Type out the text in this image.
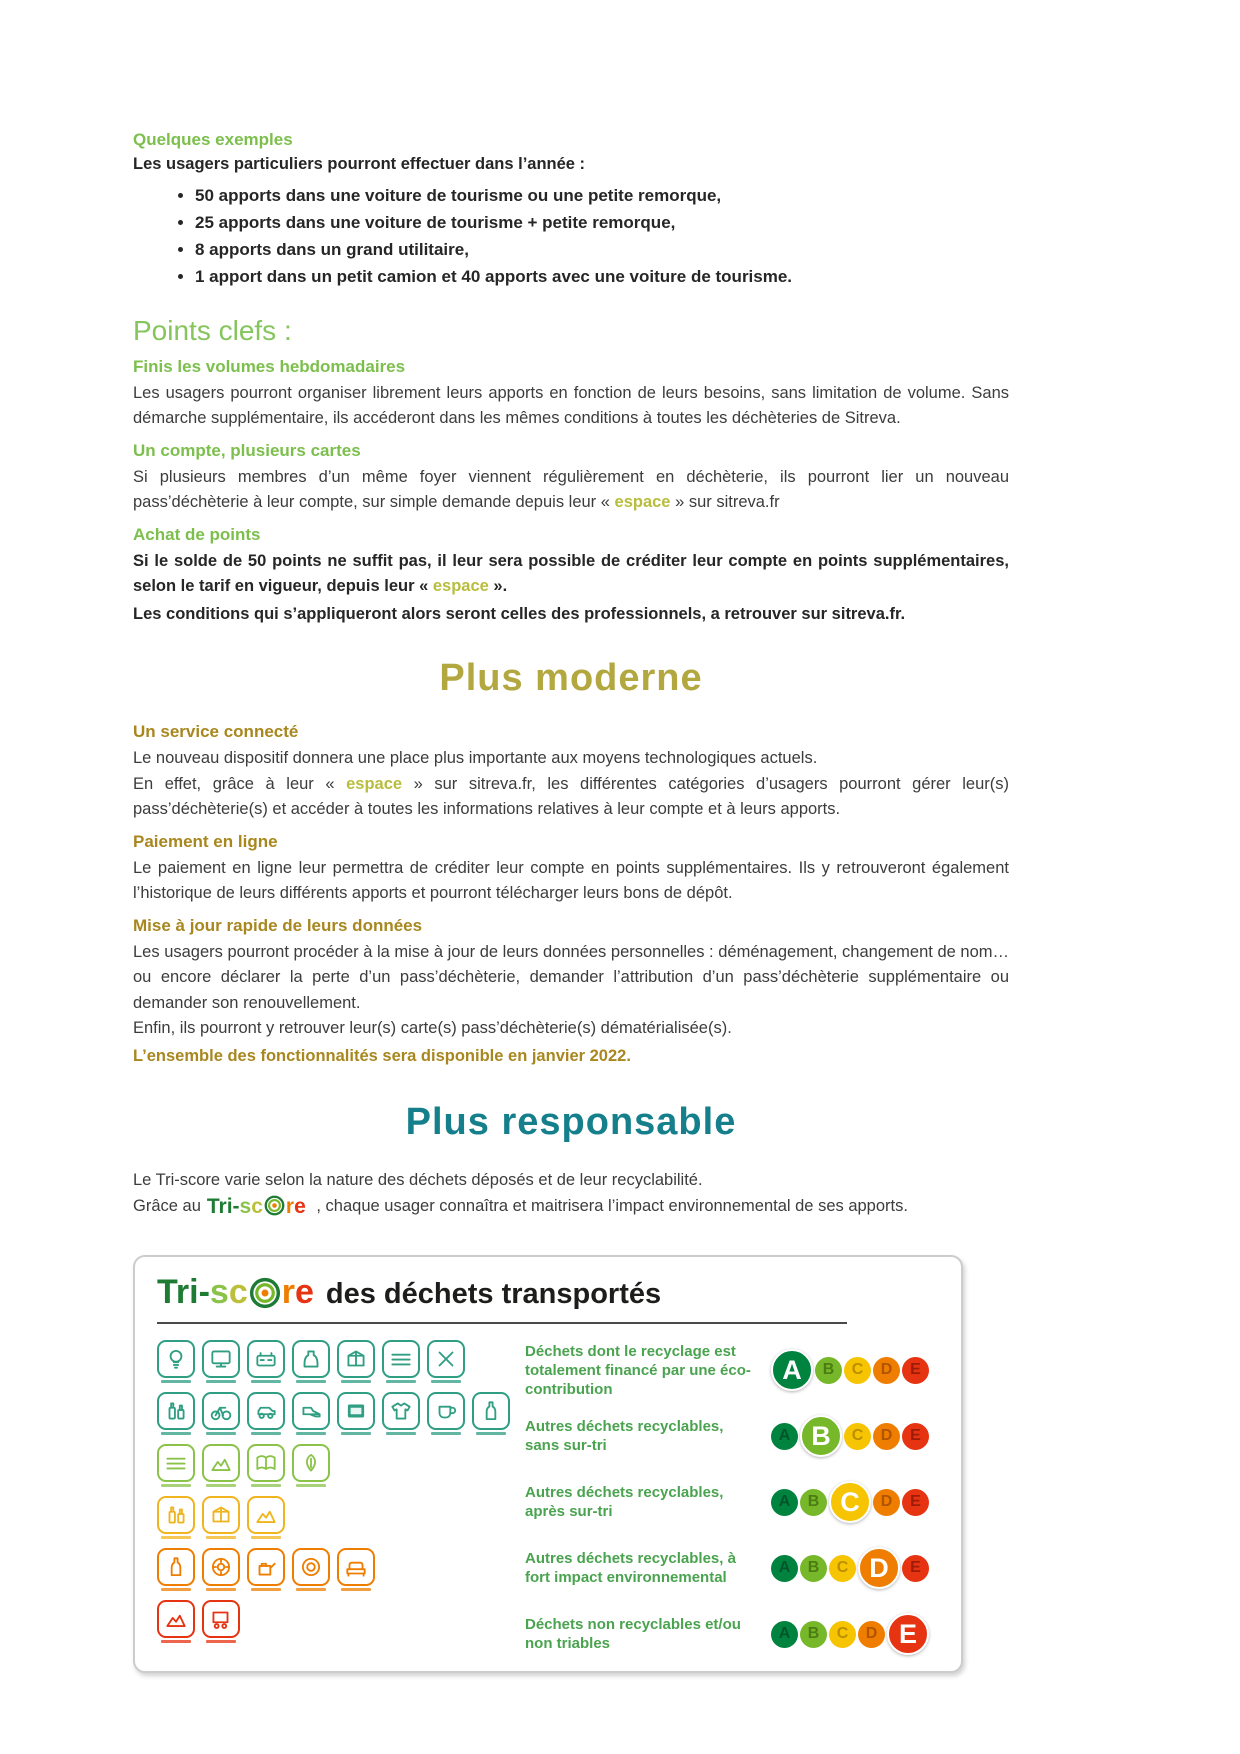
Quelques exemples

Les usagers particuliers pourront effectuer dans l’année :

• 50 apports dans une voiture de tourisme ou une petite remorque,
• 25 apports dans une voiture de tourisme + petite remorque,
• 8 apports dans un grand utilitaire,
• 1 apport dans un petit camion et 40 apports avec une voiture de tourisme.
Points clefs :
Finis les volumes hebdomadaires

Les usagers pourront organiser librement leurs apports en fonction de leurs besoins, sans limitation de volume. Sans démarche supplémentaire, ils accéderont dans les mêmes conditions à toutes les déchèteries de Sitreva.

Un compte, plusieurs cartes

Si plusieurs membres d’un même foyer viennent régulièrement en déchèterie, ils pourront lier un nouveau pass’déchèterie à leur compte, sur simple demande depuis leur « espace » sur sitreva.fr

Achat de points

Si le solde de 50 points ne suffit pas, il leur sera possible de créditer leur compte en points supplémentaires, selon le tarif en vigueur, depuis leur « espace ».

Les conditions qui s’appliqueront alors seront celles des professionnels, a retrouver sur sitreva.fr.

Plus moderne
Un service connecté

Le nouveau dispositif donnera une place plus importante aux moyens technologiques actuels.

En effet, grâce à leur « espace » sur sitreva.fr, les différentes catégories d’usagers pourront gérer leur(s) pass’déchèterie(s) et accéder à toutes les informations relatives à leur compte et à leurs apports.

Paiement en ligne

Le paiement en ligne leur permettra de créditer leur compte en points supplémentaires. Ils y retrouveront également l’historique de leurs différents apports et pourront télécharger leurs bons de dépôt.

Mise à jour rapide de leurs données

Les usagers pourront procéder à la mise à jour de leurs données personnelles : déménagement, changement de nom… ou encore déclarer la perte d’un pass’déchèterie, demander l’attribution d’un pass’déchèterie supplémentaire ou demander son renouvellement.

Enfin, ils pourront y retrouver leur(s) carte(s) pass’déchèterie(s) dématérialisée(s).

L’ensemble des fonctionnalités sera disponible en janvier 2022.

Plus responsable

Le Tri-score varie selon la nature des déchets déposés et de leur recyclabilité.

Grâce au Tri-sc re , chaque usager connaîtra et maitrisera l’impact environnemental de ses apports.

Tri-sc re des déchets transportés
Déchets dont le recyclage est totalement financé par une éco-contribution
A	B	C	D	E
Autres déchets recyclables, sans sur-tri
A B	C	D	E
Autres déchets recyclables, après sur-tri
A	B C	D	E
Autres déchets recyclables, à fort impact environnemental
A	B	C D	E
Déchets non recyclables et/ou non triables
A	B	C	D E
